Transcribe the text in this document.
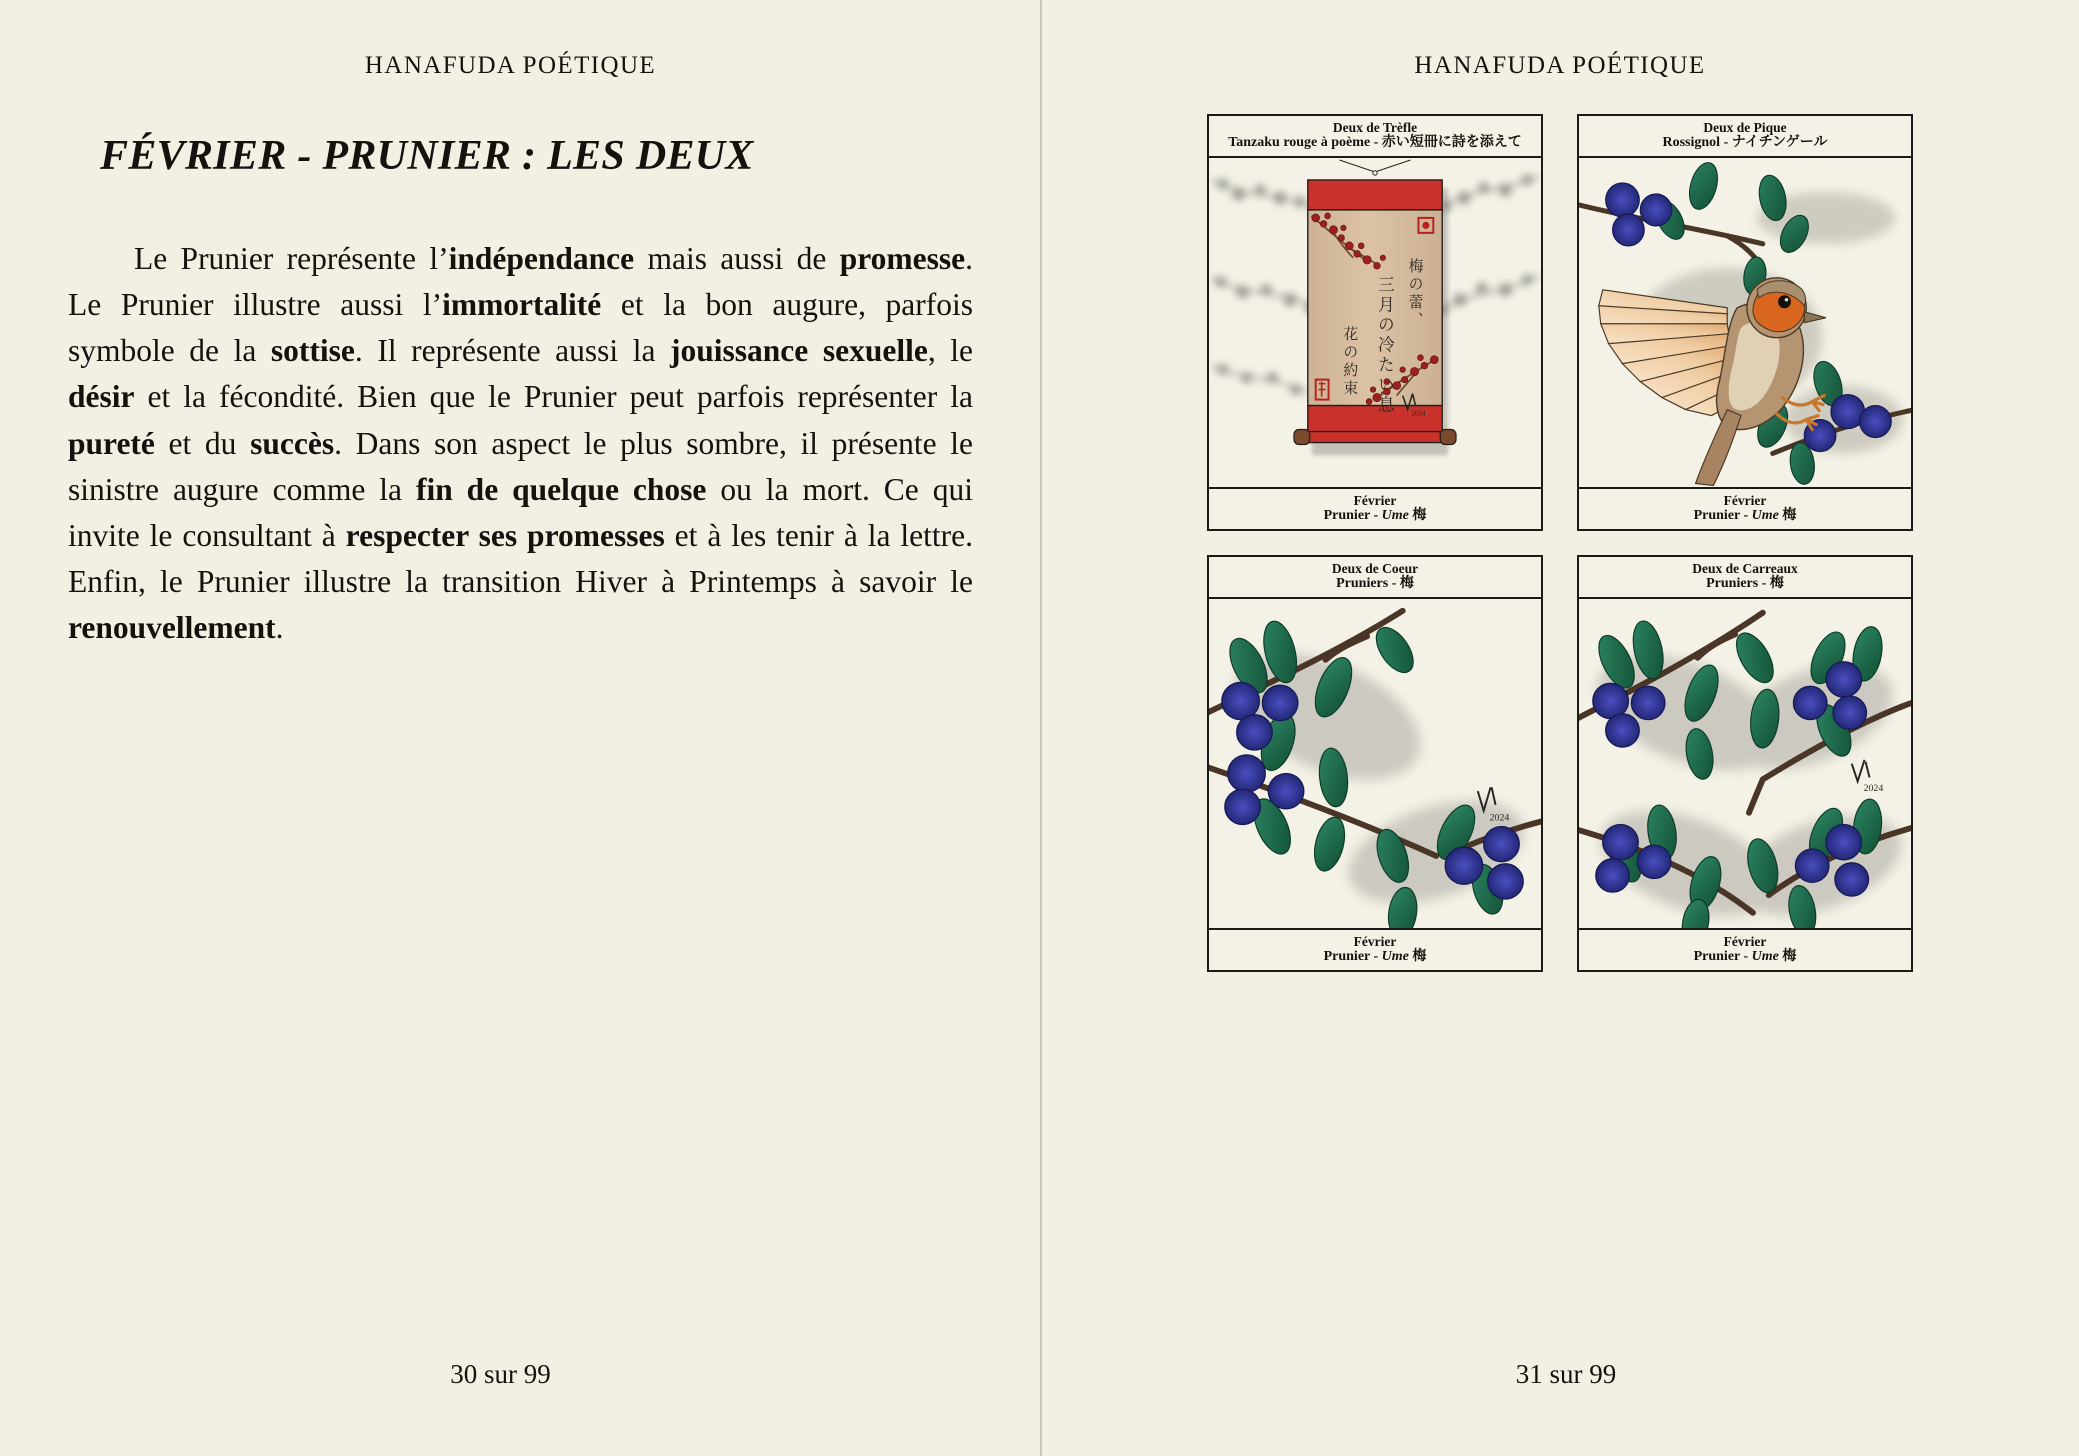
HANAFUDA POÉTIQUE
FÉVRIER - PRUNIER : LES DEUX
Le Prunier représente l’indépendance mais aussi de promesse. Le Prunier illustre aussi l’immortalité et la bon augure, parfois symbole de la sottise. Il représente aussi la jouissance sexuelle, le désir et la fécondité. Bien que le Prunier peut parfois représenter la pureté et du succès. Dans son aspect le plus sombre, il présente le sinistre augure comme la fin de quelque chose ou la mort. Ce qui invite le consultant à respecter ses promesses et à les tenir à la lettre. Enfin, le Prunier illustre la transition Hiver à Printemps à savoir le renouvellement.
30 sur 99
HANAFUDA POÉTIQUE
Deux de Trèfle
Tanzaku rouge à poème - 赤い短冊に詩を添えて
2024
梅の蕾、
三月の冷たい息
花の約束
Février
Prunier - Ume 梅
Deux de Pique
Rossignol - ナイチンゲール
Février
Prunier - Ume 梅
Deux de Coeur
Pruniers - 梅
2024
Février
Prunier - Ume 梅
Deux de Carreaux
Pruniers - 梅
2024
Février
Prunier - Ume 梅
31 sur 99
